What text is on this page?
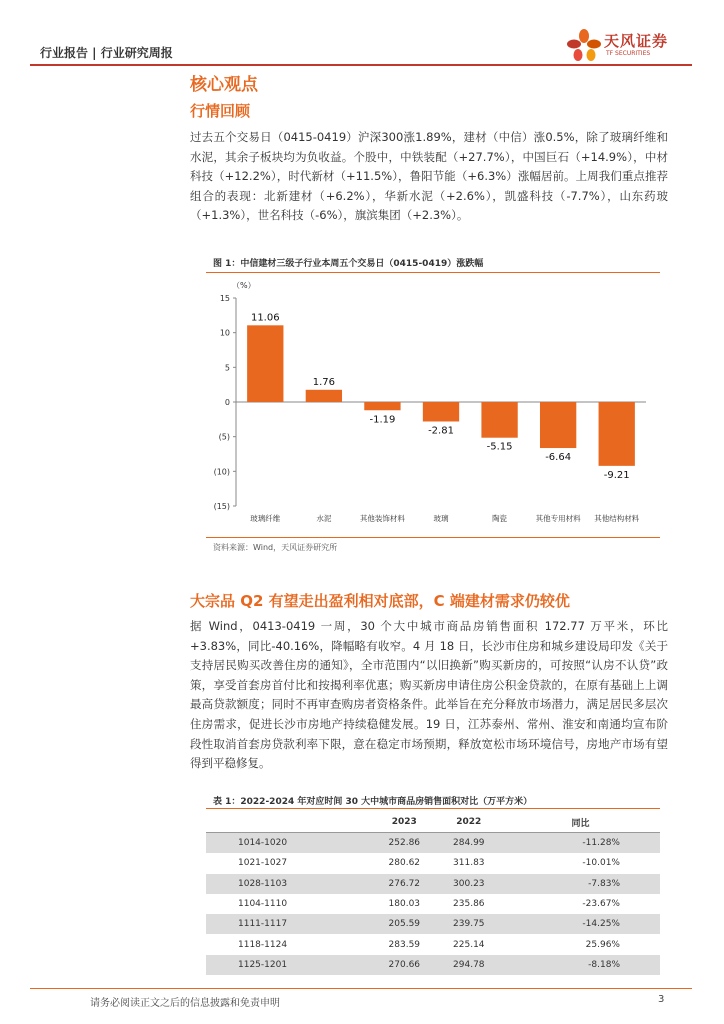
行业报告 | 行业研究周报
天风证券
TF SECURITIES
核心观点
行情回顾
过去五个交易日（0415-0419）沪深300涨1.89%，建材（中信）涨0.5%，除了玻璃纤维和水泥，其余子板块均为负收益。个股中，中铁装配（+27.7%），中国巨石（+14.9%），中材科技（+12.2%），时代新材（+11.5%），鲁阳节能（+6.3%）涨幅居前。上周我们重点推荐组合的表现：北新建材（+6.2%），华新水泥（+2.6%），凯盛科技（-7.7%），山东药玻（+1.3%），世名科技（-6%），旗滨集团（+2.3%）。
图 1：中信建材三级子行业本周五个交易日（0415-0419）涨跌幅
（%）
15
10
5
0
(5)
(10)
(15)
11.06
玻璃纤维
1.76
水泥
-1.19
其他装饰材料
-2.81
玻璃
-5.15
陶瓷
-6.64
其他专用材料
-9.21
其他结构材料
资料来源：Wind，天风证券研究所
大宗品 Q2 有望走出盈利相对底部，C 端建材需求仍较优
据 Wind，0413-0419 一周，30 个大中城市商品房销售面积 172.77 万平米，环比+3.83%，同比-40.16%，降幅略有收窄。4 月 18 日，长沙市住房和城乡建设局印发《关于支持居民购买改善住房的通知》，全市范围内“以旧换新”购买新房的，可按照“认房不认贷”政策，享受首套房首付比和按揭利率优惠；购买新房申请住房公积金贷款的，在原有基础上上调最高贷款额度；同时不再审查购房者资格条件。此举旨在充分释放市场潜力，满足居民多层次住房需求，促进长沙市房地产持续稳健发展。19 日，江苏泰州、常州、淮安和南通均宣布阶段性取消首套房贷款利率下限，意在稳定市场预期，释放宽松市场环境信号，房地产市场有望得到平稳修复。
表 1：2022-2024 年对应时间 30 大中城市商品房销售面积对比（万平方米）
	2023	2022	同比
1014-1020	252.86	284.99	-11.28%
1021-1027	280.62	311.83	-10.01%
1028-1103	276.72	300.23	-7.83%
1104-1110	180.03	235.86	-23.67%
1111-1117	205.59	239.75	-14.25%
1118-1124	283.59	225.14	25.96%
1125-1201	270.66	294.78	-8.18%
请务必阅读正文之后的信息披露和免责申明	3
